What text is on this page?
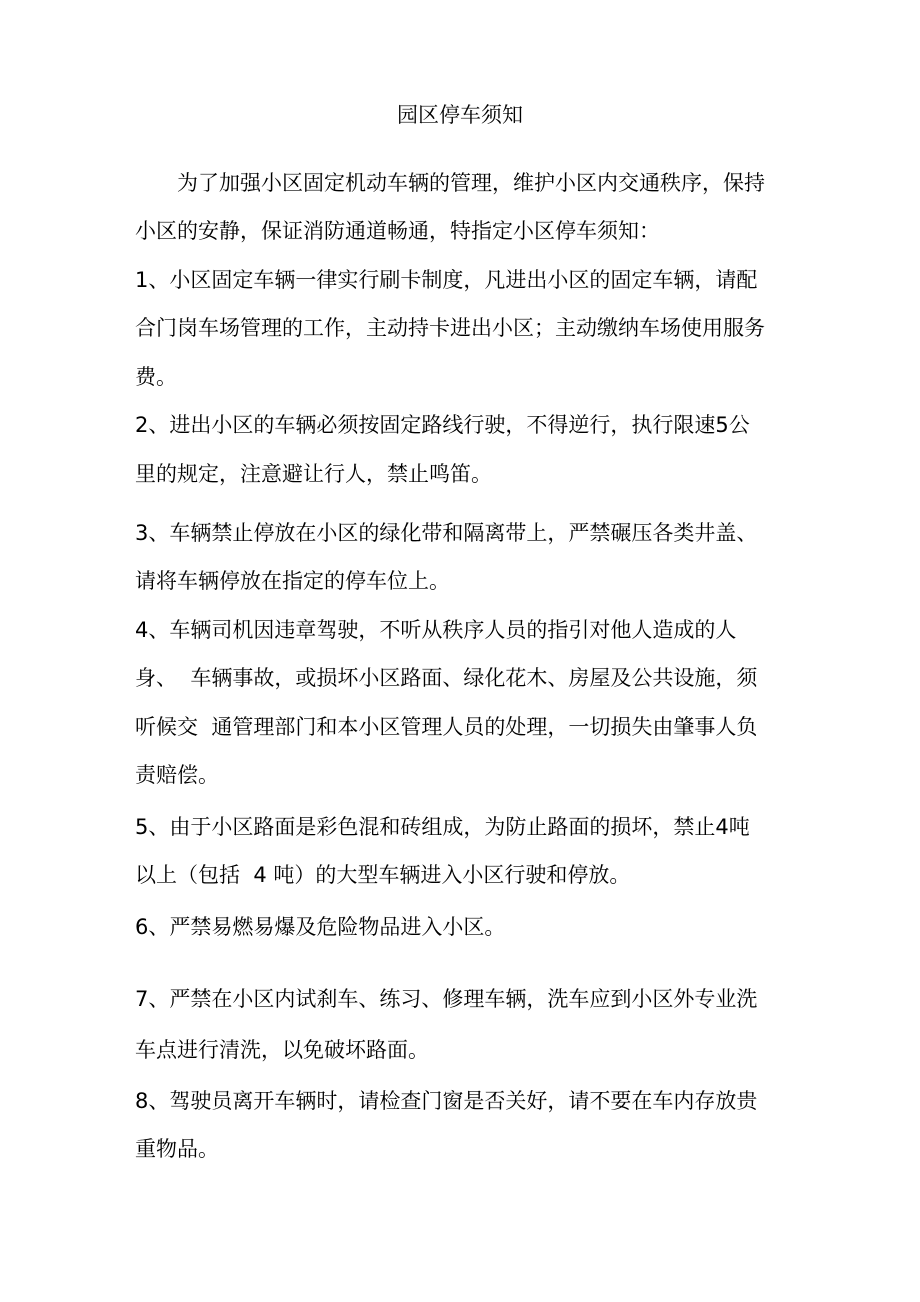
园区停车须知
为了加强小区固定机动车辆的管理，维护小区内交通秩序，保持
小区的安静，保证消防通道畅通，特指定小区停车须知：
1、小区固定车辆一律实行刷卡制度，凡进出小区的固定车辆，请配
合门岗车场管理的工作，主动持卡进出小区；主动缴纳车场使用服务
费。
2、进出小区的车辆必须按固定路线行驶，不得逆行，执行限速5公
里的规定，注意避让行人，禁止鸣笛。
3、车辆禁止停放在小区的绿化带和隔离带上，严禁碾压各类井盖、
请将车辆停放在指定的停车位上。
4、车辆司机因违章驾驶，不听从秩序人员的指引对他人造成的人
身、  车辆事故，或损坏小区路面、绿化花木、房屋及公共设施，须
听候交  通管理部门和本小区管理人员的处理，一切损失由肇事人负
责赔偿。
5、由于小区路面是彩色混和砖组成，为防止路面的损坏，禁止4吨
以上（包括  4 吨）的大型车辆进入小区行驶和停放。
6、严禁易燃易爆及危险物品进入小区。
7、严禁在小区内试刹车、练习、修理车辆，洗车应到小区外专业洗
车点进行清洗，以免破坏路面。
8、驾驶员离开车辆时，请检查门窗是否关好，请不要在车内存放贵
重物品。
